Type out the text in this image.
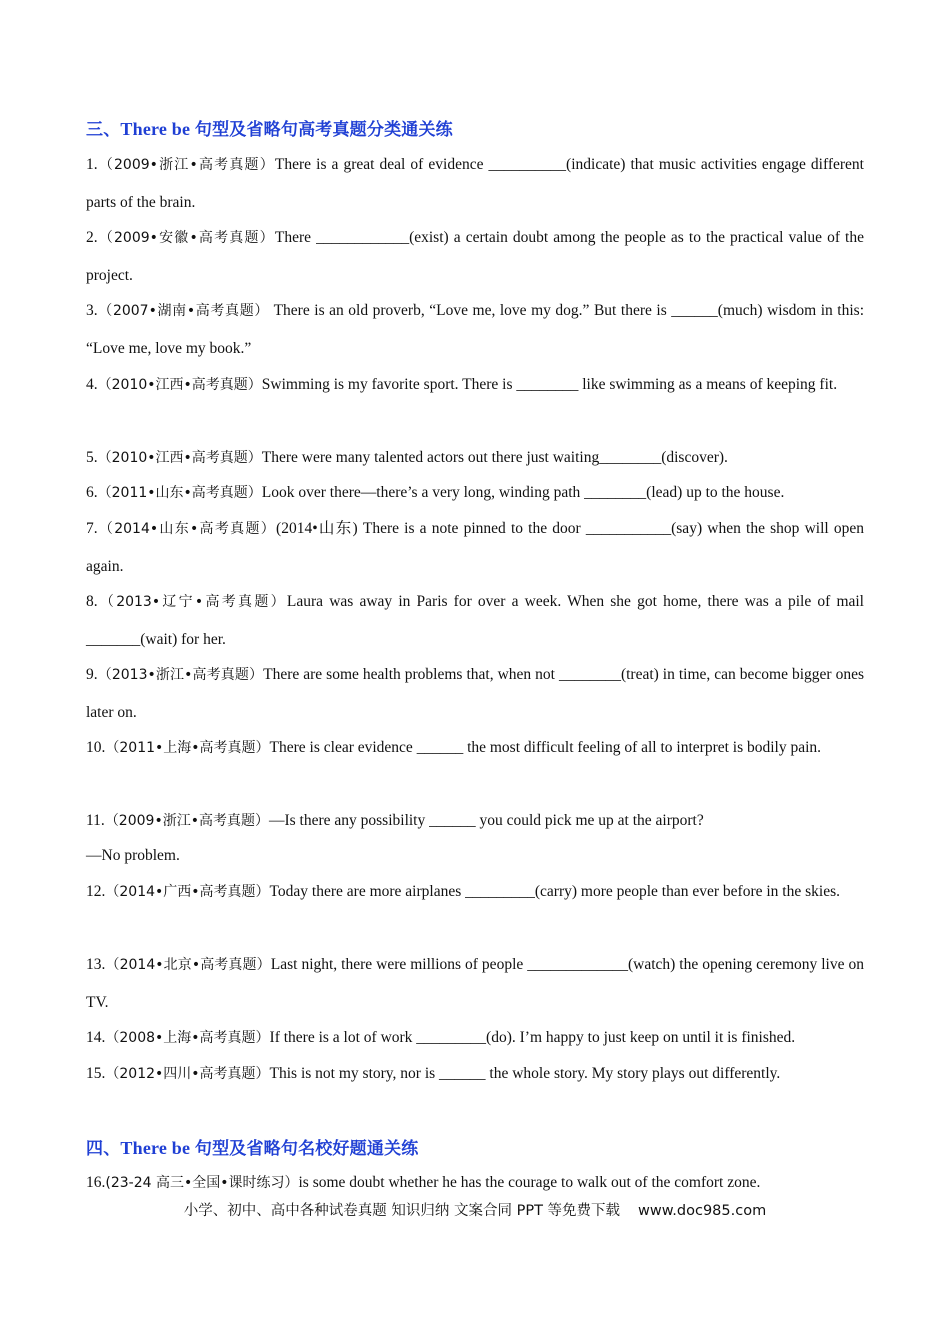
三、There be 句型及省略句高考真题分类通关练
1.（2009•浙江•高考真题）There is a great deal of evidence __________(indicate) that music activities engage different parts of the brain.
2.（2009•安徽•高考真题）There ____________(exist) a certain doubt among the people as to the practical value of the project.
3.（2007•湖南•高考真题） There is an old proverb, “Love me, love my dog.” But there is ______(much) wisdom in this: “Love me, love my book.”
4.（2010•江西•高考真题）Swimming is my favorite sport. There is ________ like swimming as a means of keeping fit.
5.（2010•江西•高考真题）There were many talented actors out there just waiting________(discover).
6.（2011•山东•高考真题）Look over there—there’s a very long, winding path ________(lead) up to the house.
7.（2014•山东•高考真题）(2014•山东) There is a note pinned to the door ___________(say) when the shop will open again.
8.（2013•辽宁•高考真题）Laura was away in Paris for over a week. When she got home, there was a pile of mail _______(wait) for her.
9.（2013•浙江•高考真题）There are some health problems that, when not ________(treat) in time, can become bigger ones later on.
10.（2011•上海•高考真题）There is clear evidence ______ the most difficult feeling of all to interpret is bodily pain.
11.（2009•浙江•高考真题）—Is there any possibility ______ you could pick me up at the airport?
—No problem.
12.（2014•广西•高考真题）Today there are more airplanes _________(carry) more people than ever before in the skies.
13.（2014•北京•高考真题）Last night, there were millions of people _____________(watch) the opening ceremony live on TV.
14.（2008•上海•高考真题）If there is a lot of work _________(do). I’m happy to just keep on until it is finished.
15.（2012•四川•高考真题）This is not my story, nor is ______ the whole story. My story plays out differently.
四、There be 句型及省略句名校好题通关练
16.(23-24 高三•全国•课时练习）is some doubt whether he has the courage to walk out of the comfort zone.
小学、初中、高中各种试卷真题 知识归纳 文案合同 PPT 等免费下载 www.doc985.com
